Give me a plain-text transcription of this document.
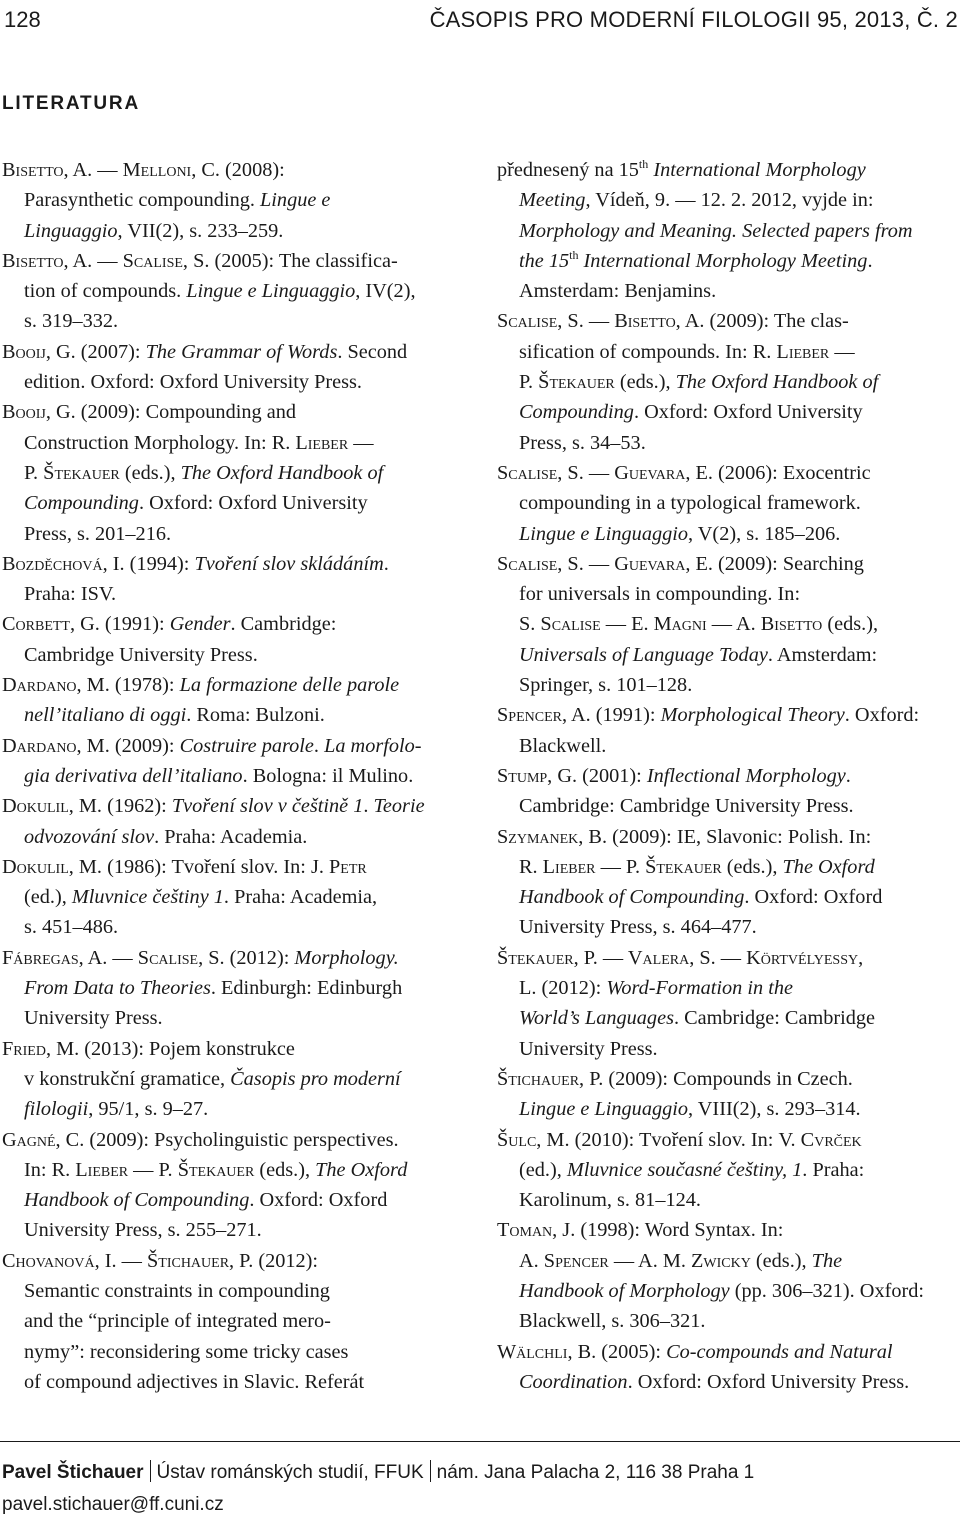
128	ČASOPIS PRO MODERNÍ FILOLOGII 95, 2013, Č. 2
LITERATURA
Bisetto, A. — Melloni, C. (2008):
Parasynthetic compounding. Lingue e
Linguaggio, VII(2), s. 233–259.
Bisetto, A. — Scalise, S. (2005): The classifica-
tion of compounds. Lingue e Linguaggio, IV(2),
s. 319–332.
Booij, G. (2007): The Grammar of Words. Second
edition. Oxford: Oxford University Press.
Booij, G. (2009): Compounding and
Construction Morphology. In: R. Lieber —
P. Štekauer (eds.), The Oxford Handbook of
Compounding. Oxford: Oxford University
Press, s. 201–216.
Bozděchová, I. (1994): Tvoření slov skládáním.
Praha: ISV.
Corbett, G. (1991): Gender. Cambridge:
Cambridge University Press.
Dardano, M. (1978): La formazione delle parole
nell’italiano di oggi. Roma: Bulzoni.
Dardano, M. (2009): Costruire parole. La morfolo-
gia derivativa dell’italiano. Bologna: il Mulino.
Dokulil, M. (1962): Tvoření slov v češtině 1. Teorie
odvozování slov. Praha: Academia.
Dokulil, M. (1986): Tvoření slov. In: J. Petr
(ed.), Mluvnice češtiny 1. Praha: Academia,
s. 451–486.
Fábregas, A. — Scalise, S. (2012): Morphology.
From Data to Theories. Edinburgh: Edinburgh
University Press.
Fried, M. (2013): Pojem konstrukce
v konstrukční gramatice, Časopis pro moderní
filologii, 95/1, s. 9–27.
Gagné, C. (2009): Psycholinguistic perspectives.
In: R. Lieber — P. Štekauer (eds.), The Oxford
Handbook of Compounding. Oxford: Oxford
University Press, s. 255–271.
Chovanová, I. — Štichauer, P. (2012):
Semantic constraints in compounding
and the “principle of integrated mero-
nymy”: reconsidering some tricky cases
of compound adjectives in Slavic. Referát
přednesený na 15th International Morphology
Meeting, Vídeň, 9. — 12. 2. 2012, vyjde in:
Morphology and Meaning. Selected papers from
the 15th International Morphology Meeting.
Amsterdam: Benjamins.
Scalise, S. — Bisetto, A. (2009): The clas-
sification of compounds. In: R. Lieber —
P. Štekauer (eds.), The Oxford Handbook of
Compounding. Oxford: Oxford University
Press, s. 34–53.
Scalise, S. — Guevara, E. (2006): Exocentric
compounding in a typological framework.
Lingue e Linguaggio, V(2), s. 185–206.
Scalise, S. — Guevara, E. (2009): Searching
for universals in compounding. In:
S. Scalise — E. Magni — A. Bisetto (eds.),
Universals of Language Today. Amsterdam:
Springer, s. 101–128.
Spencer, A. (1991): Morphological Theory. Oxford:
Blackwell.
Stump, G. (2001): Inflectional Morphology.
Cambridge: Cambridge University Press.
Szymanek, B. (2009): IE, Slavonic: Polish. In:
R. Lieber — P. Štekauer (eds.), The Oxford
Handbook of Compounding. Oxford: Oxford
University Press, s. 464–477.
Štekauer, P. — Valera, S. — Körtvélyessy,
L. (2012): Word-Formation in the
World’s Languages. Cambridge: Cambridge
University Press.
Štichauer, P. (2009): Compounds in Czech.
Lingue e Linguaggio, VIII(2), s. 293–314.
Šulc, M. (2010): Tvoření slov. In: V. Cvrček
(ed.), Mluvnice současné češtiny, 1. Praha:
Karolinum, s. 81–124.
Toman, J. (1998): Word Syntax. In:
A. Spencer — A. M. Zwicky (eds.), The
Handbook of Morphology (pp. 306–321). Oxford:
Blackwell, s. 306–321.
Wälchli, B. (2005): Co-compounds and Natural
Coordination. Oxford: Oxford University Press.
Pavel Štichauer Ústav románských studií, FFUK nám. Jana Palacha 2, 116 38 Praha 1
pavel.stichauer@ff.cuni.cz
